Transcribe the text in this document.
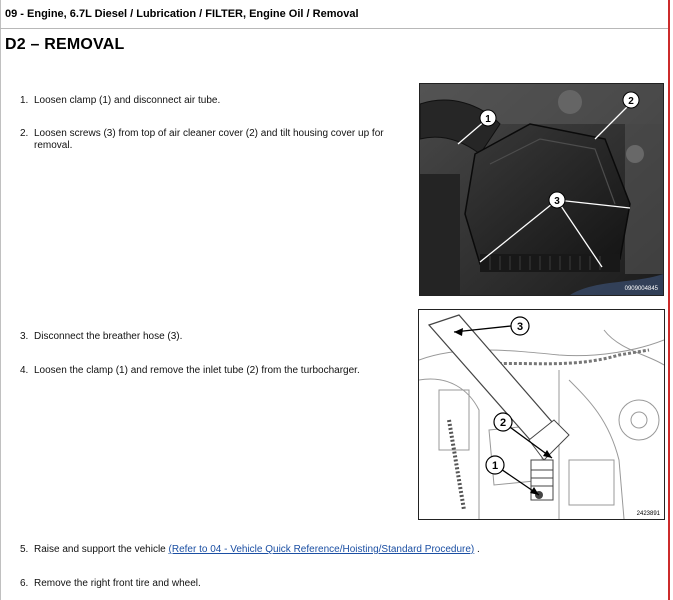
09 - Engine, 6.7L Diesel / Lubrication / FILTER, Engine Oil / Removal
D2 – REMOVAL
1. Loosen clamp (1) and disconnect air tube.
2. Loosen screws (3) from top of air cleaner cover (2) and tilt housing cover up for
removal.
3. Disconnect the breather hose (3).
4. Loosen the clamp (1) and remove the inlet tube (2) from the turbocharger.
5. Raise and support the vehicle (Refer to 04 - Vehicle Quick Reference/Hoisting/Standard Procedure) .
6. Remove the right front tire and wheel.
1
2
3
0909004845
3
2
1
2423891
